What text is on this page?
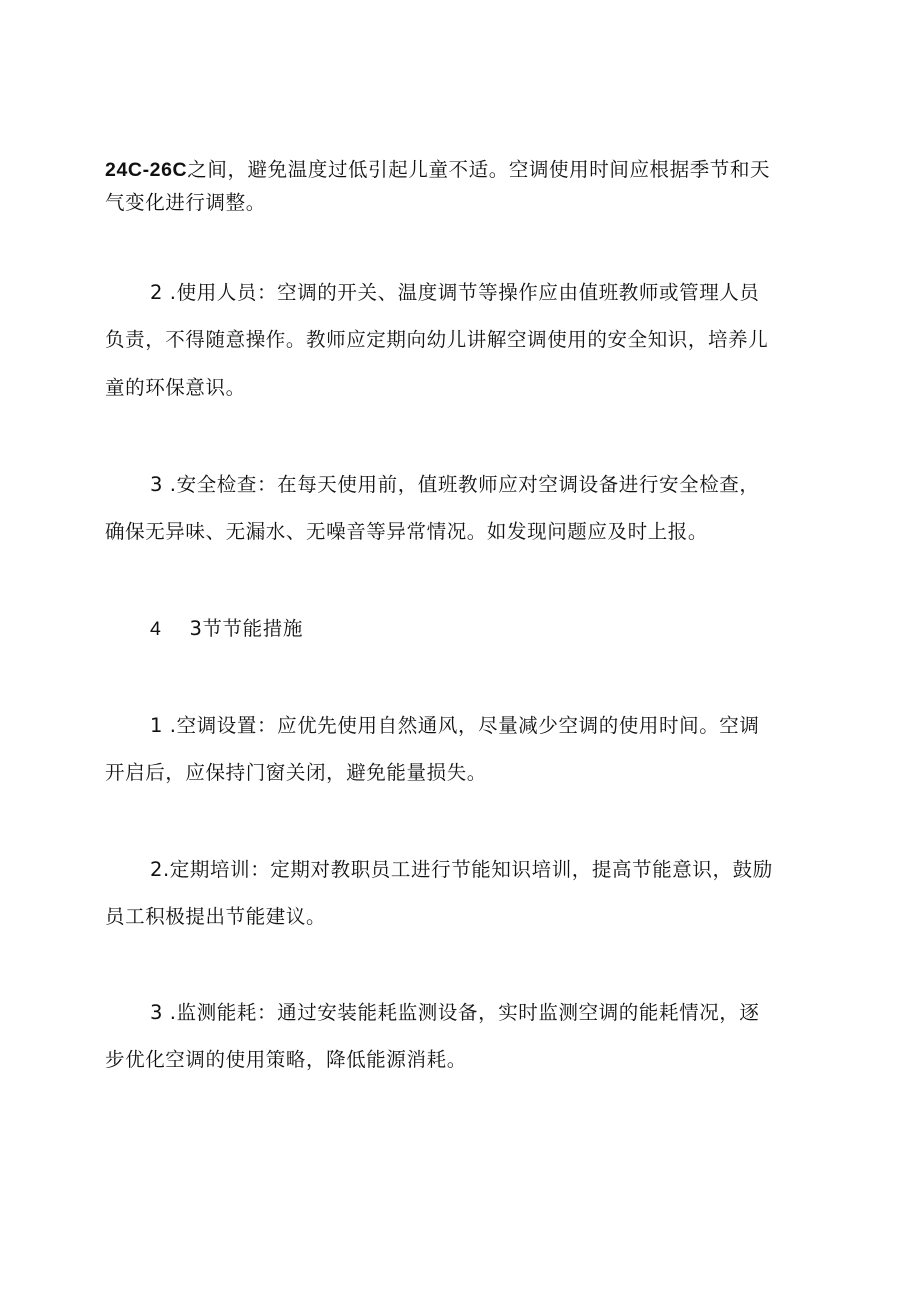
24C-26C之间，避免温度过低引起儿童不适。空调使用时间应根据季节和天
气变化进行调整。
2 .使用人员：空调的开关、温度调节等操作应由值班教师或管理人员
负责，不得随意操作。教师应定期向幼儿讲解空调使用的安全知识，培养儿
童的环保意识。
3 .安全检查：在每天使用前，值班教师应对空调设备进行安全检查，
确保无异味、无漏水、无噪音等异常情况。如发现问题应及时上报。
4 3节节能措施
1 .空调设置：应优先使用自然通风，尽量减少空调的使用时间。空调
开启后，应保持门窗关闭，避免能量损失。
2.定期培训：定期对教职员工进行节能知识培训，提高节能意识，鼓励
员工积极提出节能建议。
3 .监测能耗：通过安装能耗监测设备，实时监测空调的能耗情况，逐
步优化空调的使用策略，降低能源消耗。
